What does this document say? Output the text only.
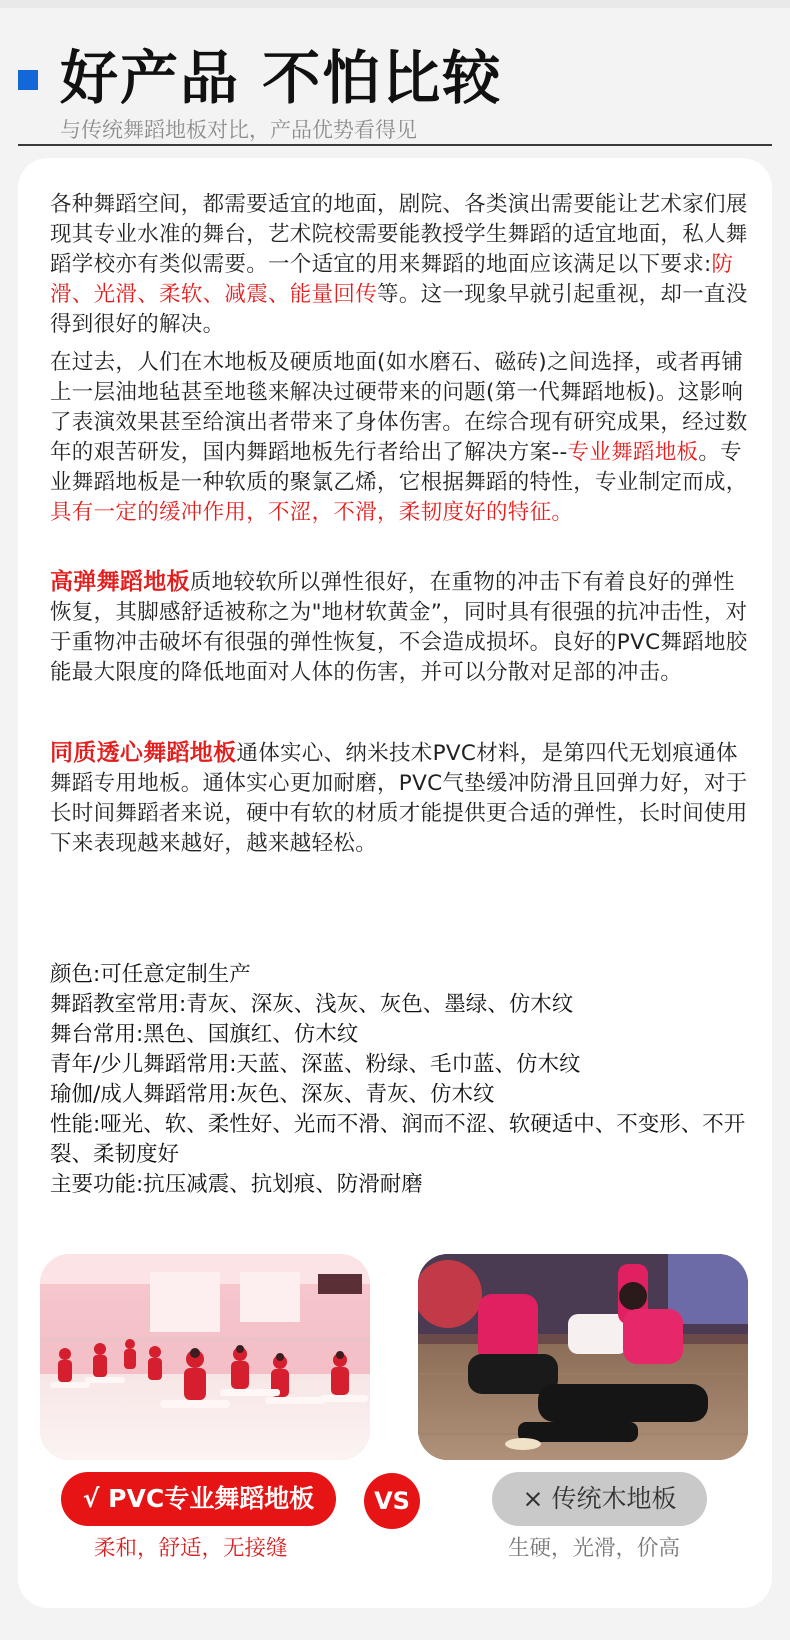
好产品 不怕比较
与传统舞蹈地板对比，产品优势看得见
各种舞蹈空间，都需要适宜的地面，剧院、各类演出需要能让艺术家们展现其专业水准的舞台，艺术院校需要能教授学生舞蹈的适宜地面，私人舞蹈学校亦有类似需要。一个适宜的用来舞蹈的地面应该满足以下要求:防滑、光滑、柔软、减震、能量回传等。这一现象早就引起重视，却一直没得到很好的解决。
在过去，人们在木地板及硬质地面(如水磨石、磁砖)之间选择，或者再铺上一层油地毡甚至地毯来解决过硬带来的问题(第一代舞蹈地板)。这影响了表演效果甚至给演出者带来了身体伤害。在综合现有研究成果，经过数年的艰苦研发，国内舞蹈地板先行者给出了解决方案--专业舞蹈地板。专业舞蹈地板是一种软质的聚氯乙烯，它根据舞蹈的特性，专业制定而成，具有一定的缓冲作用，不涩，不滑，柔韧度好的特征。
高弹舞蹈地板质地较软所以弹性很好，在重物的冲击下有着良好的弹性恢复，其脚感舒适被称之为"地材软黄金”，同时具有很强的抗冲击性，对于重物冲击破坏有很强的弹性恢复，不会造成损坏。良好的PVC舞蹈地胶能最大限度的降低地面对人体的伤害，并可以分散对足部的冲击。
同质透心舞蹈地板通体实心、纳米技术PVC材料，是第四代无划痕通体舞蹈专用地板。通体实心更加耐磨，PVC气垫缓冲防滑且回弹力好，对于长时间舞蹈者来说，硬中有软的材质才能提供更合适的弹性，长时间使用下来表现越来越好，越来越轻松。
颜色:可任意定制生产
舞蹈教室常用:青灰、深灰、浅灰、灰色、墨绿、仿木纹
舞台常用:黑色、国旗红、仿木纹
青年/少儿舞蹈常用:天蓝、深蓝、粉绿、毛巾蓝、仿木纹
瑜伽/成人舞蹈常用:灰色、深灰、青灰、仿木纹
性能:哑光、软、柔性好、光而不滑、润而不涩、软硬适中、不变形、不开裂、柔韧度好
主要功能:抗压减震、抗划痕、防滑耐磨
√ PVC专业舞蹈地板	VS	× 传统木地板
柔和，舒适，无接缝	生硬，光滑，价高
